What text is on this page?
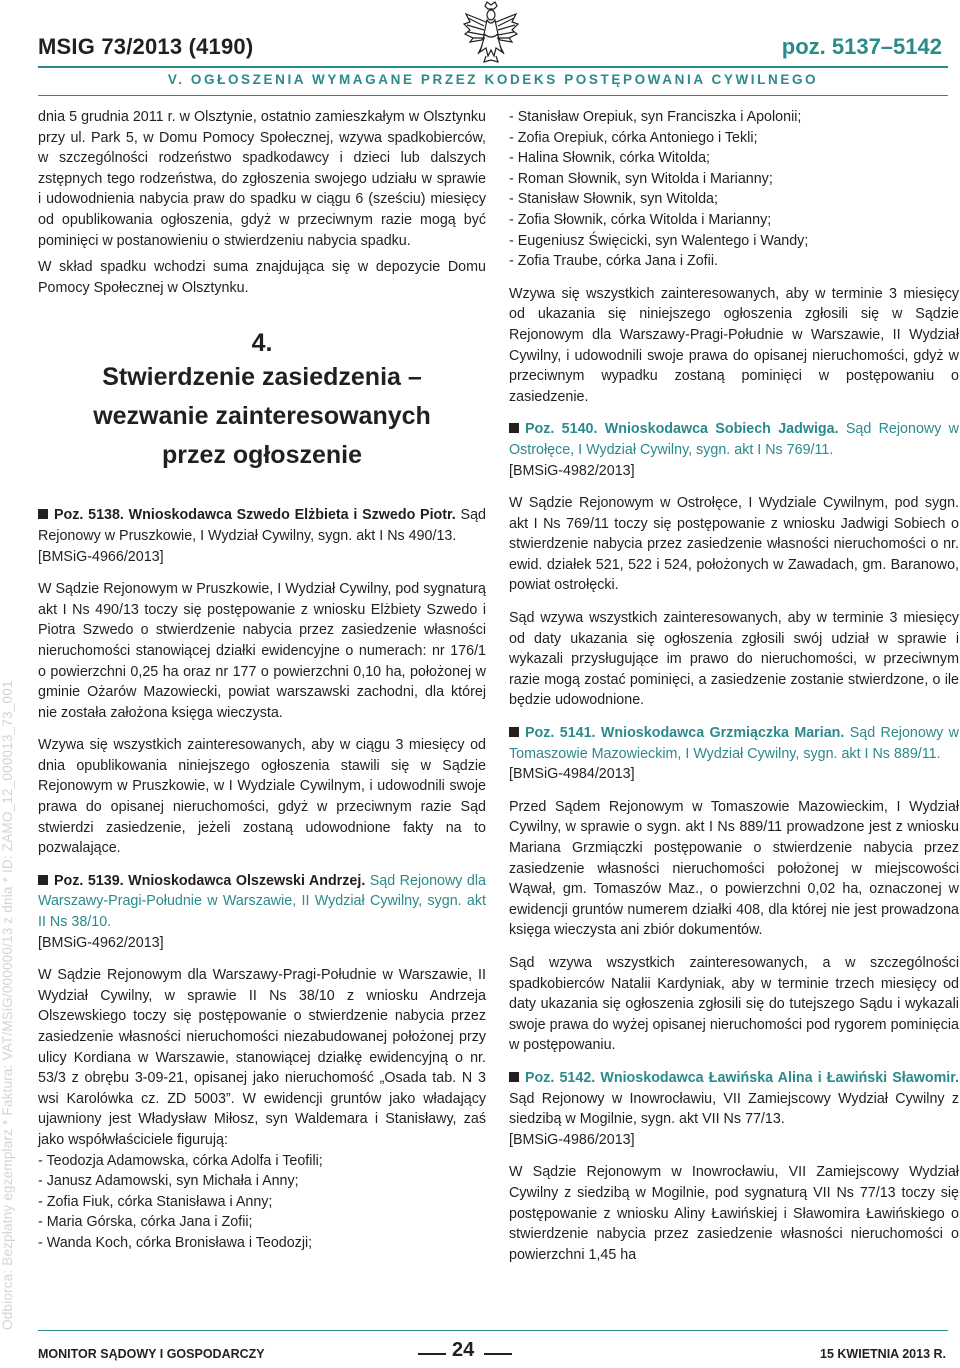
MSIG 73/2013 (4190)	poz. 5137–5142
V. OGŁOSZENIA WYMAGANE PRZEZ KODEKS POSTĘPOWANIA CYWILNEGO
Odbiorca: Bezpłatny egzemplarz * Faktura: VAT/MSiG/000000/13 z dnia * ID: ZAMO_12_000013_73_001

dnia 5 grudnia 2011 r. w Olsztynie, ostatnio zamieszkałym w Olsztynku przy ul. Park 5, w Domu Pomocy Społecznej, wzywa spadkobierców, w szczególności rodzeństwo spadkodawcy i dzieci lub dalszych zstępnych tego rodzeństwa, do zgłoszenia swojego udziału w sprawie i udowodnienia nabycia praw do spadku w ciągu 6 (sześciu) miesięcy od opublikowania ogłoszenia, gdyż w przeciwnym razie mogą być pominięci w postanowieniu o stwierdzeniu nabycia spadku.

W skład spadku wchodzi suma znajdująca się w depozycie Domu Pomocy Społecznej w Olsztynku.

4.
Stwierdzenie zasiedzenia –
wezwanie zainteresowanych
przez ogłoszenie

Poz. 5138. Wnioskodawca Szwedo Elżbieta i Szwedo Piotr. Sąd Rejonowy w Pruszkowie, I Wydział Cywilny, sygn. akt I Ns 490/13.

[BMSiG-4966/2013]

W Sądzie Rejonowym w Pruszkowie, I Wydział Cywilny, pod sygnaturą akt I Ns 490/13 toczy się postępowanie z wniosku Elżbiety Szwedo i Piotra Szwedo o stwierdzenie nabycia przez zasiedzenie własności nieruchomości stanowiącej działki ewidencyjne o numerach: nr 176/1 o powierzchni 0,25 ha oraz nr 177 o powierzchni 0,10 ha, położonej w gminie Ożarów Mazowiecki, powiat warszawski zachodni, dla której nie została założona księga wieczysta.

Wzywa się wszystkich zainteresowanych, aby w ciągu 3 miesięcy od dnia opublikowania niniejszego ogłoszenia stawili się w Sądzie Rejonowym w Pruszkowie, w I Wydziale Cywilnym, i udowodnili swoje prawa do opisanej nieruchomości, gdyż w przeciwnym razie Sąd stwierdzi zasiedzenie, jeżeli zostaną udowodnione fakty na to pozwalające.

Poz. 5139. Wnioskodawca Olszewski Andrzej. Sąd Rejonowy dla Warszawy-Pragi-Południe w Warszawie, II Wydział Cywilny, sygn. akt II Ns 38/10.

[BMSiG-4962/2013]

W Sądzie Rejonowym dla Warszawy-Pragi-Południe w Warszawie, II Wydział Cywilny, w sprawie II Ns 38/10 z wniosku Andrzeja Olszewskiego toczy się postępowanie o stwierdzenie nabycia przez zasiedzenie własności nieruchomości niezabudowanej położonej przy ulicy Kordiana w Warszawie, stanowiącej działkę ewidencyjną o nr. 53/3 z obrębu 3-09-21, opisanej jako nieruchomość „Osada tab. N 3 wsi Karolówka cz. ZD 5003”. W ewidencji gruntów jako władający ujawniony jest Władysław Miłosz, syn Waldemara i Stanisławy, zaś jako współwłaściciele figurują:

- Teodozja Adamowska, córka Adolfa i Teofili;
- Janusz Adamowski, syn Michała i Anny;
- Zofia Fiuk, córka Stanisława i Anny;
- Maria Górska, córka Jana i Zofii;
- Wanda Koch, córka Bronisława i Teodozji;
- Stanisław Orepiuk, syn Franciszka i Apolonii;
- Zofia Orepiuk, córka Antoniego i Tekli;
- Halina Słownik, córka Witolda;
- Roman Słownik, syn Witolda i Marianny;
- Stanisław Słownik, syn Witolda;
- Zofia Słownik, córka Witolda i Marianny;
- Eugeniusz Święcicki, syn Walentego i Wandy;
- Zofia Traube, córka Jana i Zofii.

Wzywa się wszystkich zainteresowanych, aby w terminie 3 miesięcy od ukazania się niniejszego ogłoszenia zgłosili się w Sądzie Rejonowym dla Warszawy-Pragi-Południe w Warszawie, II Wydział Cywilny, i udowodnili swoje prawa do opisanej nieruchomości, gdyż w przeciwnym wypadku zostaną pominięci w postępowaniu o zasiedzenie.

Poz. 5140. Wnioskodawca Sobiech Jadwiga. Sąd Rejonowy w Ostrołęce, I Wydział Cywilny, sygn. akt I Ns 769/11.

[BMSiG-4982/2013]

W Sądzie Rejonowym w Ostrołęce, I Wydziale Cywilnym, pod sygn. akt I Ns 769/11 toczy się postępowanie z wniosku Jadwigi Sobiech o stwierdzenie nabycia przez zasiedzenie własności nieruchomości o nr. ewid. działek 521, 522 i 524, położonych w Zawadach, gm. Baranowo, powiat ostrołęcki.

Sąd wzywa wszystkich zainteresowanych, aby w terminie 3 miesięcy od daty ukazania się ogłoszenia zgłosili swój udział w sprawie i wykazali przysługujące im prawo do nieruchomości, w przeciwnym razie mogą zostać pominięci, a zasiedzenie zostanie stwierdzone, o ile będzie udowodnione.

Poz. 5141. Wnioskodawca Grzmiączka Marian. Sąd Rejonowy w Tomaszowie Mazowieckim, I Wydział Cywilny, sygn. akt I Ns 889/11.

[BMSiG-4984/2013]

Przed Sądem Rejonowym w Tomaszowie Mazowieckim, I Wydział Cywilny, w sprawie o sygn. akt I Ns 889/11 prowadzone jest z wniosku Mariana Grzmiączki postępowanie o stwierdzenie nabycia przez zasiedzenie własności nieruchomości położonej w miejscowości Wąwał, gm. Tomaszów Maz., o powierzchni 0,02 ha, oznaczonej w ewidencji gruntów numerem działki 408, dla której nie jest prowadzona księga wieczysta ani zbiór dokumentów.

Sąd wzywa wszystkich zainteresowanych, a w szczególności spadkobierców Natalii Kardyniak, aby w terminie trzech miesięcy od daty ukazania się ogłoszenia zgłosili się do tutejszego Sądu i wykazali swoje prawa do wyżej opisanej nieruchomości pod rygorem pominięcia w postępowaniu.

Poz. 5142. Wnioskodawca Ławińska Alina i Ławiński Sławomir. Sąd Rejonowy w Inowrocławiu, VII Zamiejscowy Wydział Cywilny z siedzibą w Mogilnie, sygn. akt VII Ns 77/13.

[BMSiG-4986/2013]

W Sądzie Rejonowym w Inowrocławiu, VII Zamiejscowy Wydział Cywilny z siedzibą w Mogilnie, pod sygnaturą VII Ns 77/13 toczy się postępowanie z wniosku Aliny Ławińskiej i Sławomira Ławińskiego o stwierdzenie nabycia przez zasiedzenie własności nieruchomości o powierzchni 1,45 ha

MONITOR SĄDOWY I GOSPODARCZY	24	15 KWIETNIA 2013 R.
